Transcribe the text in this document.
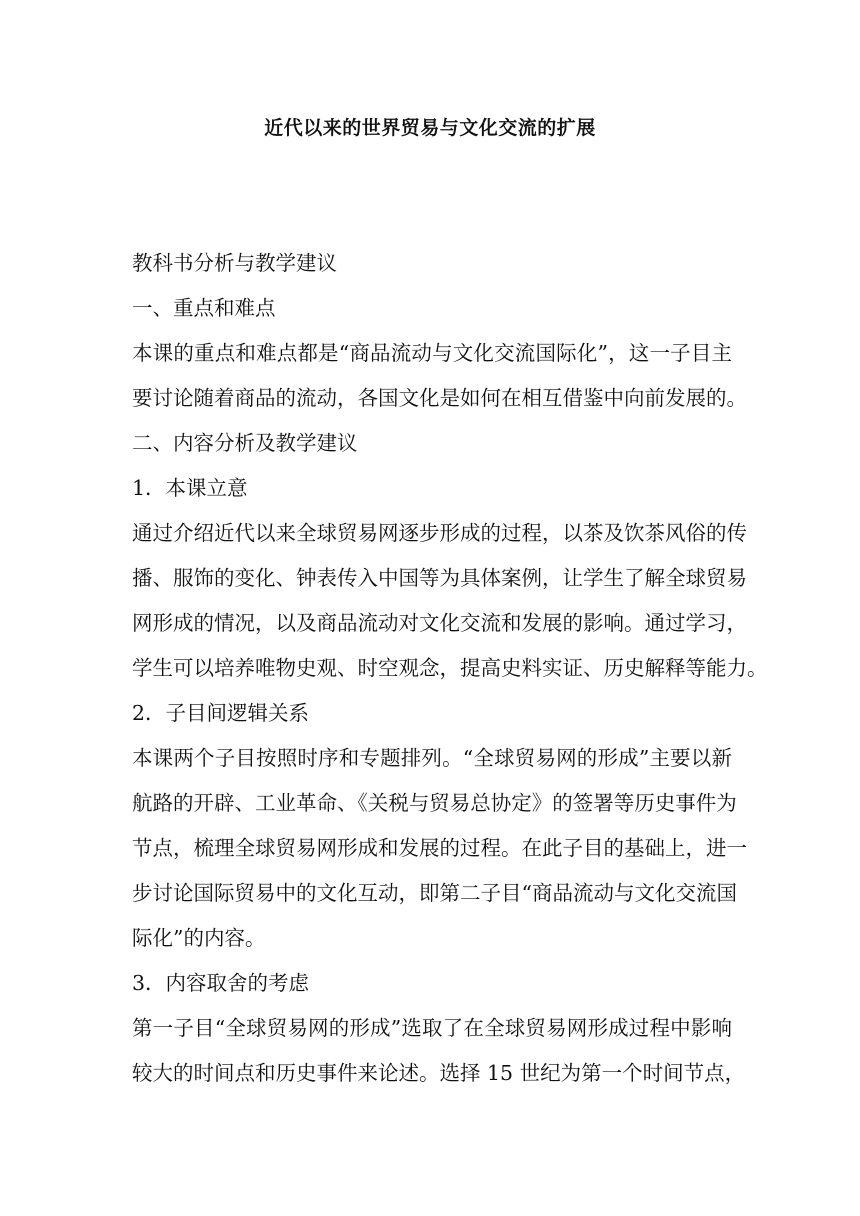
近代以来的世界贸易与文化交流的扩展
教科书分析与教学建议
一、重点和难点
本课的重点和难点都是“商品流动与文化交流国际化”，这一子目主
要讨论随着商品的流动，各国文化是如何在相互借鉴中向前发展的。
二、内容分析及教学建议
1．本课立意
通过介绍近代以来全球贸易网逐步形成的过程，以茶及饮茶风俗的传
播、服饰的变化、钟表传入中国等为具体案例，让学生了解全球贸易
网形成的情况，以及商品流动对文化交流和发展的影响。通过学习，
学生可以培养唯物史观、时空观念，提高史料实证、历史解释等能力。
2．子目间逻辑关系
本课两个子目按照时序和专题排列。“全球贸易网的形成”主要以新
航路的开辟、工业革命、《关税与贸易总协定》的签署等历史事件为
节点，梳理全球贸易网形成和发展的过程。在此子目的基础上，进一
步讨论国际贸易中的文化互动，即第二子目“商品流动与文化交流国
际化”的内容。
3．内容取舍的考虑
第一子目“全球贸易网的形成”选取了在全球贸易网形成过程中影响
较大的时间点和历史事件来论述。选择 15 世纪为第一个时间节点，
